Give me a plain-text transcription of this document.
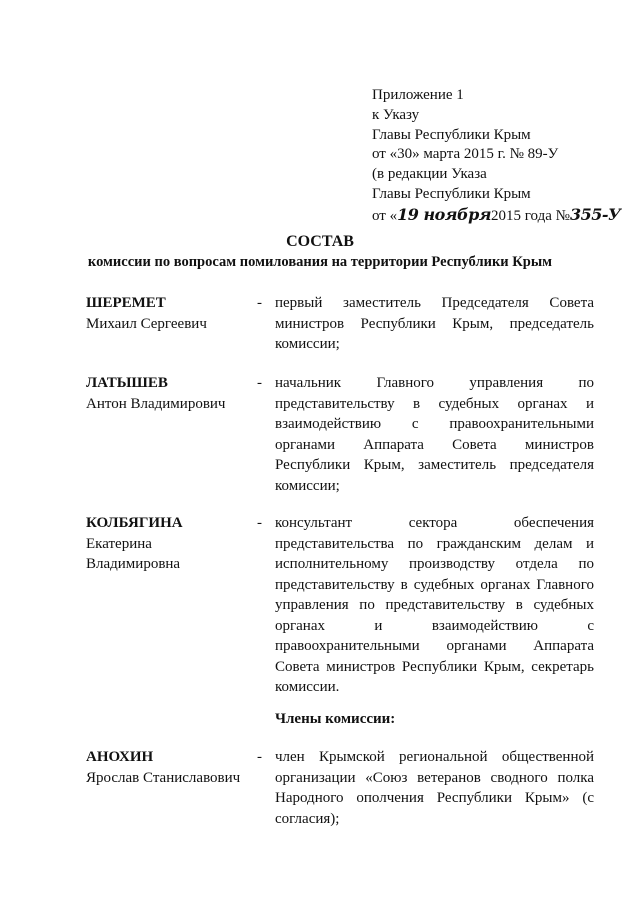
Приложение 1
к Указу
Главы Республики Крым
от «30» марта 2015 г. № 89-У
(в редакции Указа
Главы Республики Крым
от «19 ноября2015 года №355-У
СОСТАВ
комиссии по вопросам помилования на территории Республики Крым
ШЕРЕМЕТ
Михаил Сергеевич
- первый заместитель Председателя Совета министров Республики Крым, председатель комиссии;
ЛАТЫШЕВ
Антон Владимирович
- начальник Главного управления по представительству в судебных органах и взаимодействию с правоохранительными органами Аппарата Совета министров Республики Крым, заместитель председателя комиссии;
КОЛБЯГИНА
Екатерина
Владимировна
- консультант сектора обеспечения представительства по гражданским делам и исполнительному производству отдела по представительству в судебных органах Главного управления по представительству в судебных органах и взаимодействию с правоохранительными органами Аппарата Совета министров Республики Крым, секретарь комиссии.
Члены комиссии:
АНОХИН
Ярослав Станиславович
- член Крымской региональной общественной организации «Союз ветеранов сводного полка Народного ополчения Республики Крым» (с согласия);
